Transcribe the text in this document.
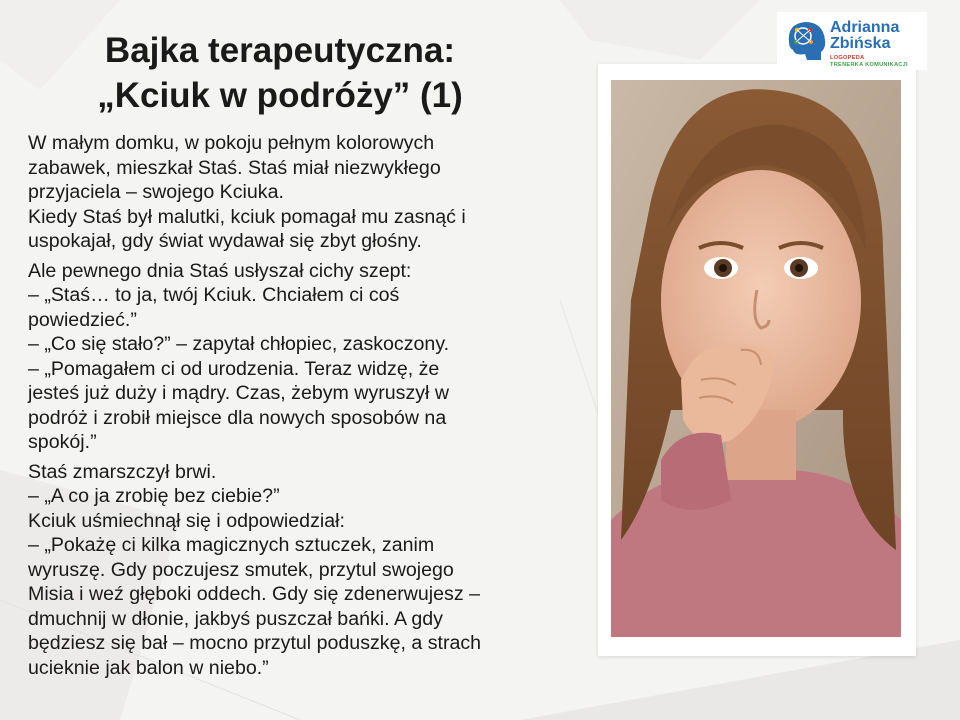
Bajka terapeutyczna:
„Kciuk w podróży” (1)

W małym domku, w pokoju pełnym kolorowych
zabawek, mieszkał Staś. Staś miał niezwykłego
przyjaciela – swojego Kciuka.
Kiedy Staś był malutki, kciuk pomagał mu zasnąć i
uspokajał, gdy świat wydawał się zbyt głośny.

Ale pewnego dnia Staś usłyszał cichy szept:
– „Staś… to ja, twój Kciuk. Chciałem ci coś
powiedzieć.”
– „Co się stało?” – zapytał chłopiec, zaskoczony.
– „Pomagałem ci od urodzenia. Teraz widzę, że
jesteś już duży i mądry. Czas, żebym wyruszył w
podróż i zrobił miejsce dla nowych sposobów na
spokój.”

Staś zmarszczył brwi.
– „A co ja zrobię bez ciebie?”
Kciuk uśmiechnął się i odpowiedział:
– „Pokażę ci kilka magicznych sztuczek, zanim
wyruszę. Gdy poczujesz smutek, przytul swojego
Misia i weź głęboki oddech. Gdy się zdenerwujesz –
dmuchnij w dłonie, jakbyś puszczał bańki. A gdy
będziesz się bał – mocno przytul poduszkę, a strach
ucieknie jak balon w niebo.”

Adrianna
Zbińska
LOGOPEDA
TRENERKA KOMUNIKACJI
